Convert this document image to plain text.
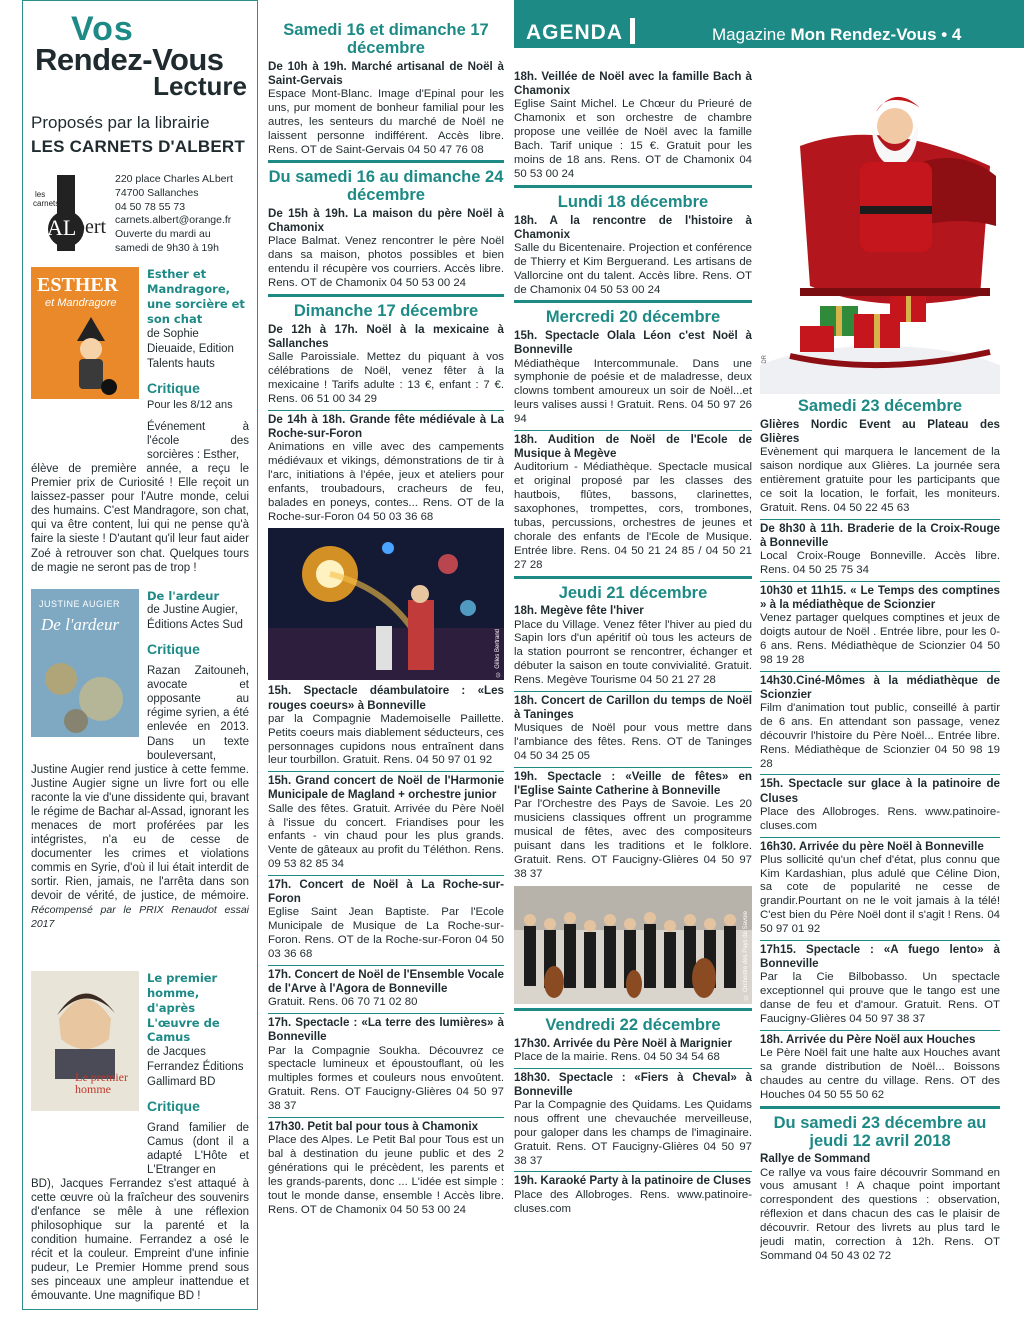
AGENDA	Magazine Mon Rendez-Vous • 4
Vos
Rendez-Vous
Lecture
Proposés par la librairie
LES CARNETS D'ALBERT
les
carnets
d'
AL
bert
220 place Charles ALbert
74700 Sallanches
04 50 78 55 73
carnets.albert@orange.fr
Ouverte du mardi au
samedi de 9h30 à 19h
ESTHER
et Mandragore
Esther et Mandragore, une sorcière et son chat
de Sophie Dieuaide, Edition Talents hauts
Critique
Pour les 8/12 ans
Événement à l'école des sorcières : Esther,
élève de première année, a reçu le Premier prix de Curiosité ! Elle reçoit un laissez-passer pour l'Autre monde, celui des humains. C'est Mandragore, son chat, qui va être content, lui qui ne pense qu'à faire la sieste ! D'autant qu'il leur faut aider Zoé à retrouver son chat. Quelques tours de magie ne seront pas de trop !
JUSTINE AUGIER
De l'ardeur
De l'ardeur
de Justine Augier, Éditions Actes Sud
Critique
Razan Zaitouneh, avocate et opposante au régime syrien, a été enlevée en 2013. Dans un texte bouleversant,
Justine Augier rend justice à cette femme. Justine Augier signe un livre fort ou elle raconte la vie d'une dissidente qui, bravant le régime de Bachar al-Assad, ignorant les menaces de mort proférées par les intégristes, n'a eu de cesse de documenter les crimes et violations commis en Syrie, d'où il lui était interdit de sortir. Rien, jamais, ne l'arrêta dans son devoir de vérité, de justice, de mémoire. Récompensé par le PRIX Renaudot essai 2017
Le premier homme
Le premier homme, d'après L'œuvre de Camus
de Jacques Ferrandez Éditions Gallimard BD
Critique
Grand familier de Camus (dont il a adapté L'Hôte et L'Etranger en
BD), Jacques Ferrandez s'est attaqué à cette œuvre où la fraîcheur des souvenirs d'enfance se mêle à une réflexion philosophique sur la parenté et la condition humaine. Ferrandez a osé le récit et la couleur. Empreint d'une infinie pudeur, Le Premier Homme prend sous ses pinceaux une ampleur inattendue et émouvante. Une magnifique BD !
Samedi 16 et dimanche 17 décembre
De 10h à 19h. Marché artisanal de Noël à Saint-Gervais
Espace Mont-Blanc. Image d'Epinal pour les uns, pur moment de bonheur familial pour les autres, les senteurs du marché de Noël ne laissent personne indifférent. Accès libre. Rens. OT de Saint-Gervais 04 50 47 76 08
Du samedi 16 au dimanche 24 décembre
De 15h à 19h. La maison du père Noël à Chamonix
Place Balmat. Venez rencontrer le père Noël dans sa maison, photos possibles et bien entendu il récupère vos courriers. Accès libre. Rens. OT de Chamonix 04 50 53 00 24
Dimanche 17 décembre
De 12h à 17h. Noël à la mexicaine à Sallanches
Salle Paroissiale. Mettez du piquant à vos célébrations de Noël, venez fêter à la mexicaine ! Tarifs adulte : 13 €, enfant : 7 €. Rens. 06 51 00 34 29
De 14h à 18h. Grande fête médiévale à La Roche-sur-Foron
Animations en ville avec des campements médiévaux et vikings, démonstrations de tir à l'arc, initiations à l'épée, jeux et ateliers pour enfants, troubadours, cracheurs de feu, balades en poneys, contes... Rens. OT de la Roche-sur-Foron 04 50 03 36 68
© Gilles Bertrand
15h. Spectacle déambulatoire : «Les rouges coeurs» à Bonneville
par la Compagnie Mademoiselle Paillette. Petits coeurs mais diablement séducteurs, ces personnages cupidons nous entraînent dans leur tourbillon. Gratuit. Rens. 04 50 97 01 92
15h. Grand concert de Noël de l'Harmonie Municipale de Magland + orchestre junior
Salle des fêtes. Gratuit. Arrivée du Père Noël à l'issue du concert. Friandises pour les enfants - vin chaud pour les plus grands. Vente de gâteaux au profit du Téléthon. Rens. 09 53 82 85 34
17h. Concert de Noël à La Roche-sur-Foron
Eglise Saint Jean Baptiste. Par l'Ecole Municipale de Musique de La Roche-sur-Foron. Rens. OT de la Roche-sur-Foron 04 50 03 36 68
17h. Concert de Noël de l'Ensemble Vocale de l'Arve à l'Agora de Bonneville
Gratuit. Rens. 06 70 71 02 80
17h. Spectacle : «La terre des lumières» à Bonneville
Par la Compagnie Soukha. Découvrez ce spectacle lumineux et époustouflant, où les multiples formes et couleurs nous envoûtent. Gratuit. Rens. OT Faucigny-Glières 04 50 97 38 37
17h30. Petit bal pour tous à Chamonix
Place des Alpes. Le Petit Bal pour Tous est un bal à destination du jeune public et des 2 générations qui le précèdent, les parents et les grands-parents, donc ... L'idée est simple : tout le monde danse, ensemble ! Accès libre. Rens. OT de Chamonix 04 50 53 00 24
18h. Veillée de Noël avec la famille Bach à Chamonix
Eglise Saint Michel. Le Chœur du Prieuré de Chamonix et son orchestre de chambre propose une veillée de Noël avec la famille Bach. Tarif unique : 15 €. Gratuit pour les moins de 18 ans. Rens. OT de Chamonix 04 50 53 00 24
Lundi 18 décembre
18h. A la rencontre de l'histoire à Chamonix
Salle du Bicentenaire. Projection et conférence de Thierry et Kim Berguerand. Les artisans de Vallorcine ont du talent. Accès libre. Rens. OT de Chamonix 04 50 53 00 24
Mercredi 20 décembre
15h. Spectacle Olala Léon c'est Noël à Bonneville
Médiathèque Intercommunale. Dans une symphonie de poésie et de maladresse, deux clowns tombent amoureux un soir de Noël...et leurs valises aussi ! Gratuit. Rens. 04 50 97 26 94
18h. Audition de Noël de l'Ecole de Musique à Megève
Auditorium - Médiathèque. Spectacle musical et original proposé par les classes des hautbois, flûtes, bassons, clarinettes, saxophones, trompettes, cors, trombones, tubas, percussions, orchestres de jeunes et chorale des enfants de l'Ecole de Musique. Entrée libre. Rens. 04 50 21 24 85 / 04 50 21 27 28
Jeudi 21 décembre
18h. Megève fête l'hiver
Place du Village. Venez fêter l'hiver au pied du Sapin lors d'un apéritif où tous les acteurs de la station pourront se rencontrer, échanger et débuter la saison en toute convivialité. Gratuit. Rens. Megève Tourisme 04 50 21 27 28
18h. Concert de Carillon du temps de Noël à Taninges
Musiques de Noël pour vous mettre dans l'ambiance des fêtes. Rens. OT de Taninges 04 50 34 25 05
19h. Spectacle : «Veille de fêtes» en l'Eglise Sainte Catherine à Bonneville
Par l'Orchestre des Pays de Savoie. Les 20 musiciens classiques offrent un programme musical de fêtes, avec des compositeurs puisant dans les traditions et le folklore. Gratuit. Rens. OT Faucigny-Glières 04 50 97 38 37
© Orchestre des Pays de Savoie
Vendredi 22 décembre
17h30. Arrivée du Père Noël à Marignier
Place de la mairie. Rens. 04 50 34 54 68
18h30. Spectacle : «Fiers à Cheval» à Bonneville
Par la Compagnie des Quidams. Les Quidams nous offrent une chevauchée merveilleuse, pour galoper dans les champs de l'imaginaire. Gratuit. Rens. OT Faucigny-Glières 04 50 97 38 37
19h. Karaoké Party à la patinoire de Cluses
Place des Allobroges. Rens. www.patinoire-cluses.com
DR
Samedi 23 décembre
Glières Nordic Event au Plateau des Glières
Evènement qui marquera le lancement de la saison nordique aux Glières. La journée sera entièrement gratuite pour les participants que ce soit la location, le forfait, les moniteurs. Gratuit. Rens. 04 50 22 45 63
De 8h30 à 11h. Braderie de la Croix-Rouge à Bonneville
Local Croix-Rouge Bonneville. Accès libre. Rens. 04 50 25 75 34
10h30 et 11h15. « Le Temps des comptines » à la médiathèque de Scionzier
Venez partager quelques comptines et jeux de doigts autour de Noël . Entrée libre, pour les 0-6 ans. Rens. Médiathèque de Scionzier 04 50 98 19 28
14h30.Ciné-Mômes à la médiathèque de Scionzier
Film d'animation tout public, conseillé à partir de 6 ans. En attendant son passage, venez découvrir l'histoire du Père Noël... Entrée libre. Rens. Médiathèque de Scionzier 04 50 98 19 28
15h. Spectacle sur glace à la patinoire de Cluses
Place des Allobroges. Rens. www.patinoire-cluses.com
16h30. Arrivée du père Noël à Bonneville
Plus sollicité qu'un chef d'état, plus connu que Kim Kardashian, plus adulé que Céline Dion, sa cote de popularité ne cesse de grandir.Pourtant on ne le voit jamais à la télé! C'est bien du Père Noël dont il s'agit ! Rens. 04 50 97 01 92
17h15. Spectacle : «A fuego lento» à Bonneville
Par la Cie Bilbobasso. Un spectacle exceptionnel qui prouve que le tango est une danse de feu et d'amour. Gratuit. Rens. OT Faucigny-Glières 04 50 97 38 37
18h. Arrivée du Père Noël aux Houches
Le Père Noël fait une halte aux Houches avant sa grande distribution de Noël... Boissons chaudes au centre du village. Rens. OT des Houches 04 50 55 50 62
Du samedi 23 décembre au jeudi 12 avril 2018
Rallye de Sommand
Ce rallye va vous faire découvrir Sommand en vous amusant ! A chaque point important correspondent des questions : observation, réflexion et dans chacun des cas le plaisir de découvrir. Retour des livrets au plus tard le jeudi matin, correction à 12h. Rens. OT Sommand 04 50 43 02 72
